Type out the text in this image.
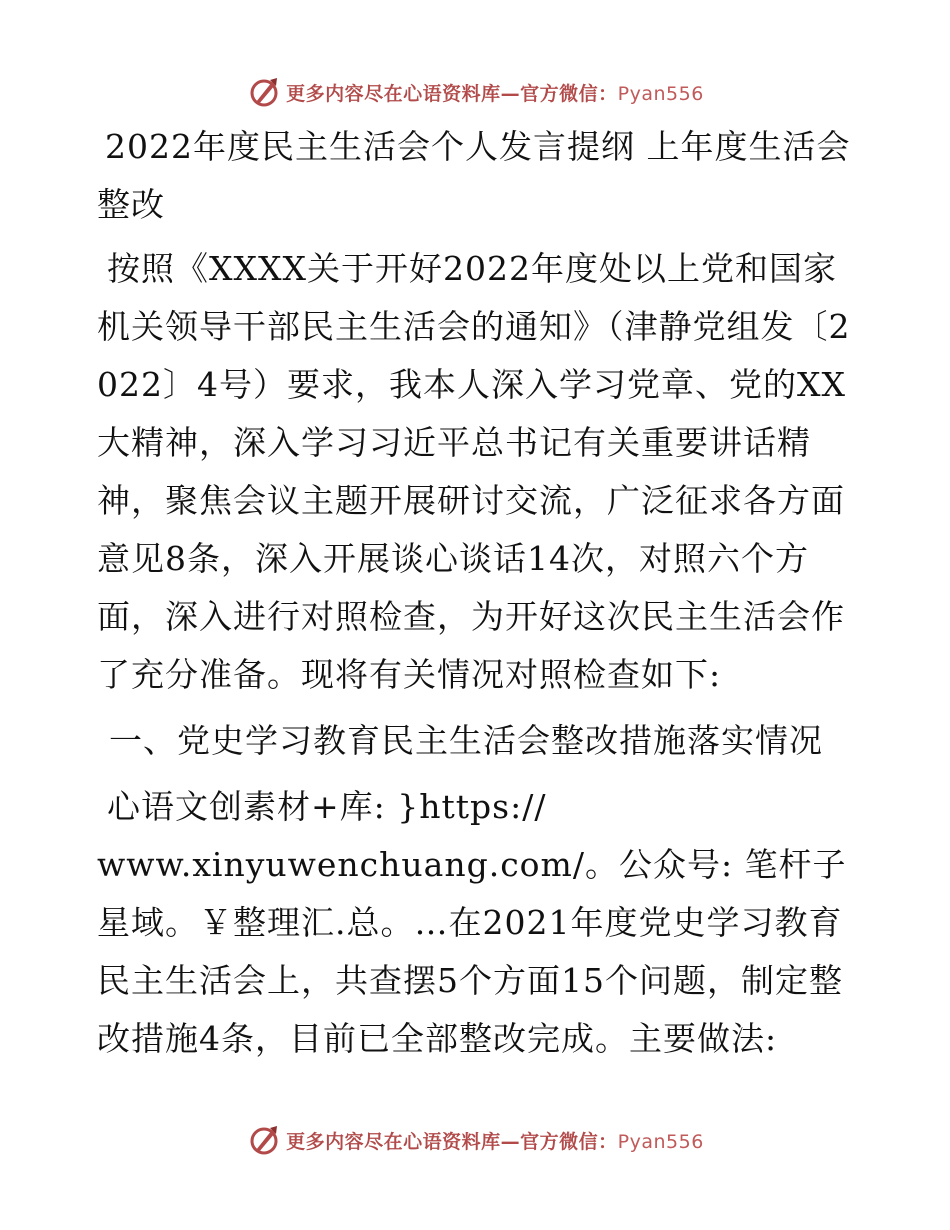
更多内容尽在心语资料库—官方微信：Pyan556

2022年度民主生活会个人发言提纲 上年度生活会整改

按照《XXXX关于开好2022年度处以上党和国家机关领导干部民主生活会的通知》（津静党组发〔2022〕4号）要求，我本人深入学习党章、党的XX大精神，深入学习习近平总书记有关重要讲话精神，聚焦会议主题开展研讨交流，广泛征求各方面意见8条，深入开展谈心谈话14次，对照六个方面，深入进行对照检查，为开好这次民主生活会作了充分准备。现将有关情况对照检查如下:

一、党史学习教育民主生活会整改措施落实情况

心语文创素材+库: }https://

www.xinyuwenchuang.com/。公众号: 笔杆子星域。￥整理汇.总。…在2021年度党史学习教育民主生活会上，共查摆5个方面15个问题，制定整改措施4条，目前已全部整改完成。主要做法:

更多内容尽在心语资料库—官方微信：Pyan556
